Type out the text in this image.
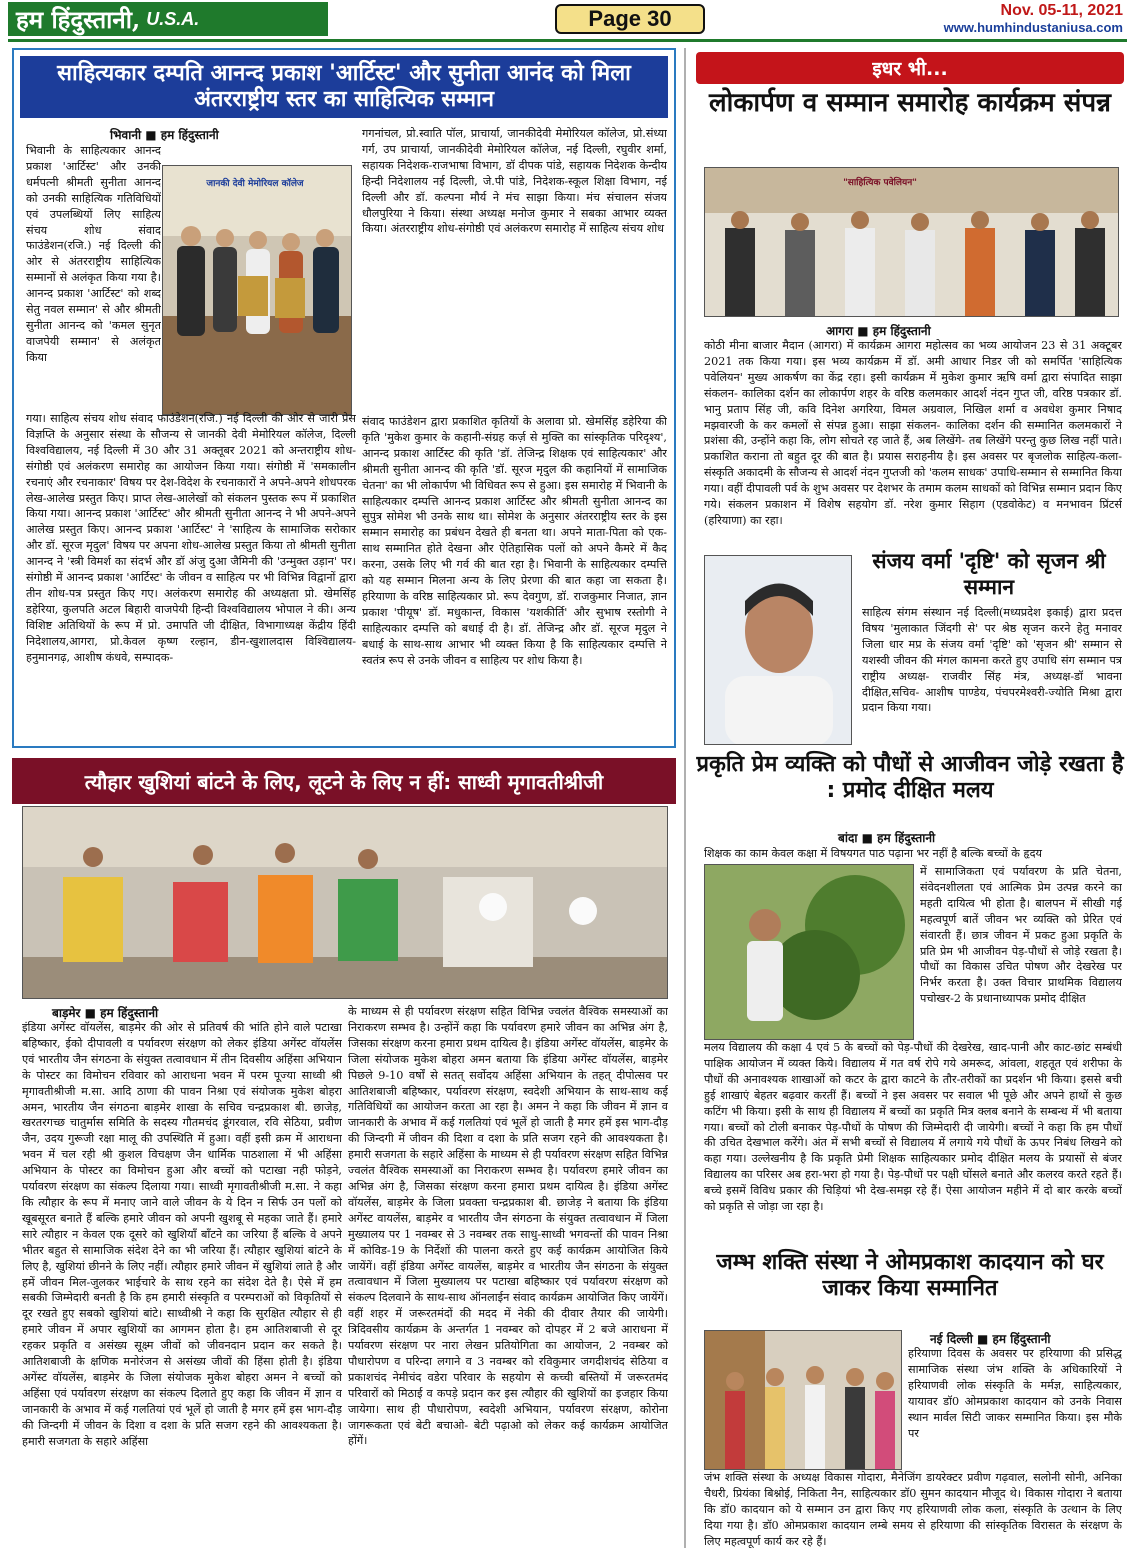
हम हिंदुस्तानी, U.S.A.	Page 30	Nov. 05-11, 2021
www.humhindustaniusa.com
साहित्यकार दम्पति आनन्द प्रकाश 'आर्टिस्ट' और सुनीता आनंद को मिला अंतरराष्ट्रीय स्तर का साहित्यिक सम्मान
भिवानी ■ हम हिंदुस्तानी
भिवानी के साहित्यकार आनन्द प्रकाश 'आर्टिस्ट' और उनकी धर्मपत्नी श्रीमती सुनीता आनन्द को उनकी साहित्यिक गतिविधियों एवं उपलब्धियों लिए साहित्य संचय शोध संवाद फाउंडेशन(रजि.) नई दिल्ली की ओर से अंतरराष्ट्रीय साहित्यिक सम्मानों से अलंकृत किया गया है। आनन्द प्रकाश 'आर्टिस्ट' को शब्द सेतु नवल सम्मान' से और श्रीमती सुनीता आनन्द को 'कमल सुनृत वाजपेयी सम्मान' से अलंकृत किया
जानकी देवी मेमोरियल कॉलेज
गया। साहित्य संचय शोध संवाद फाउंडेशन(रजि.) नई दिल्ली की ओर से जारी प्रेस विज्ञप्ति के अनुसार संस्था के सौजन्य से जानकी देवी मेमोरियल कॉलेज, दिल्ली विश्वविद्यालय, नई दिल्ली में 30 और 31 अक्तूबर 2021 को अन्तराष्ट्रीय शोध-संगोष्ठी एवं अलंकरण समारोह का आयोजन किया गया। संगोष्ठी में 'समकालीन रचनाएं और रचनाकार' विषय पर देश-विदेश के रचनाकारों ने अपने-अपने शोधपरक लेख-आलेख प्रस्तुत किए। प्राप्त लेख-आलेखों को संकलन पुस्तक रूप में प्रकाशित किया गया। आनन्द प्रकाश 'आर्टिस्ट' और श्रीमती सुनीता आनन्द ने भी अपने-अपने आलेख प्रस्तुत किए। आनन्द प्रकाश 'आर्टिस्ट' ने 'साहित्य के सामाजिक सरोकार और डॉ. सूरज मृदुल' विषय पर अपना शोध-आलेख प्रस्तुत किया तो श्रीमती सुनीता आनन्द ने 'स्त्री विमर्श का संदर्भ और डॉ अंजु दुआ जैमिनी की 'उन्मुक्त उड़ान' पर। संगोष्ठी में आनन्द प्रकाश 'आर्टिस्ट' के जीवन व साहित्य पर भी विभिन्न विद्वानों द्वारा तीन शोध-पत्र प्रस्तुत किए गए। अलंकरण समारोह की अध्यक्षता प्रो. खेमसिंह डहेरिया, कुलपति अटल बिहारी वाजपेयी हिन्दी विश्वविद्यालय भोपाल ने की। अन्य विशिष्ट अतिथियों के रूप में प्रो. उमापति जी दीक्षित, विभागाध्यक्ष केंद्रीय हिंदी निदेशालय,आगरा, प्रो.केवल कृष्ण रल्हान, डीन-खुशालदास विश्विद्यालय-हनुमानगढ़, आशीष कंधवे, सम्पादक-
गगनांचल, प्रो.स्वाति पॉल, प्राचार्या, जानकीदेवी मेमोरियल कॉलेज, प्रो.संध्या गर्ग, उप प्राचार्या, जानकीदेवी मेमोरियल कॉलेज, नई दिल्ली, रघुवीर शर्मा, सहायक निदेशक-राजभाषा विभाग, डॉ दीपक पांडे, सहायक निदेशक केन्दीय हिन्दी निदेशालय नई दिल्ली, जे.पी पांडे, निदेशक-स्कूल शिक्षा विभाग, नई दिल्ली और डॉ. कल्पना मौर्य ने मंच साझा किया। मंच संचालन संजय धौलपुरिया ने किया। संस्था अध्यक्ष मनोज कुमार ने सबका आभार व्यक्त किया। अंतरराष्ट्रीय शोध-संगोष्ठी एवं अलंकरण समारोह में साहित्य संचय शोध
संवाद फाउंडेशन द्वारा प्रकाशित कृतियों के अलावा प्रो. खेमसिंह डहेरिया की कृति 'मुकेश कुमार के कहानी-संग्रह कर्ज़ से मुक्ति का सांस्कृतिक परिदृश्य', आनन्द प्रकाश आर्टिस्ट की कृति 'डॉ. तेजिन्द्र शिक्षक एवं साहित्यकार' और श्रीमती सुनीता आनन्द की कृति 'डॉ. सूरज मृदुल की कहानियों में सामाजिक चेतना' का भी लोकार्पण भी विधिवत रूप से हुआ। इस समारोह में भिवानी के साहित्यकार दम्पत्ति आनन्द प्रकाश आर्टिस्ट और श्रीमती सुनीता आनन्द का सुपुत्र सोमेश भी उनके साथ था। सोमेश के अनुसार अंतरराष्ट्रीय स्तर के इस सम्मान समारोह का प्रबंधन देखते ही बनता था। अपने माता-पिता को एक-साथ सम्मानित होते देखना और ऐतिहासिक पलों को अपने कैमरे में कैद करना, उसके लिए भी गर्व की बात रहा है। भिवानी के साहित्यकार दम्पत्ति को यह सम्मान मिलना अन्य के लिए प्रेरणा की बात कहा जा सकता है। हरियाणा के वरिष्ठ साहित्यकार प्रो. रूप देवगुण, डॉ. राजकुमार निजात, ज्ञान प्रकाश 'पीयूष' डॉ. मधुकान्त, विकास 'यशकीर्ति' और सुभाष रस्तोगी ने साहित्यकार दम्पत्ति को बधाई दी है। डॉ. तेजिन्द्र और डॉ. सूरज मृदुल ने बधाई के साथ-साथ आभार भी व्यक्त किया है कि साहित्यकार दम्पत्ति ने स्वतंत्र रूप से उनके जीवन व साहित्य पर शोध किया है।
त्यौहार खुशियां बांटने के लिए, लूटने के लिए न हीं: साध्वी मृगावतीश्रीजी
बाड़मेर ■ हम हिंदुस्तानी
इंडिया अगेंस्ट वॉयलेंस, बाड़मेर की ओर से प्रतिवर्ष की भांति होने वाले पटाखा बहिष्कार, ईको दीपावली व पर्यावरण संरक्षण को लेकर इंडिया अगेंस्ट वॉयलेंस एवं भारतीय जैन संगठना के संयुक्त तत्वावधान में तीन दिवसीय अहिंसा अभियान के पोस्टर का विमोचन रविवार को आराधना भवन में परम पूज्या साध्वी श्री मृगावतीश्रीजी म.सा. आदि ठाणा की पावन निश्रा एवं संयोजक मुकेश बोहरा अमन, भारतीय जैन संगठना बाड़मेर शाखा के सचिव चन्द्रप्रकाश बी. छाजेड़, खरतरगच्छ चातुर्मास समिति के सदस्य गौतमचंद डूंगरवाल, रवि सेठिया, प्रवीण जैन, उदय गुरूजी रक्षा मालू की उपस्थिति में हुआ। वहीं इसी क्रम में आराधना भवन में चल रही श्री कुशल विचक्षण जैन धार्मिक पाठशाला में भी अहिंसा अभियान के पोस्टर का विमोचन हुआ और बच्चों को पटाखा नही फोड़ने, पर्यावरण संरक्षण का संकल्प दिलाया गया। साध्वी मृगावतीश्रीजी म.सा. ने कहा कि त्यौहार के रूप में मनाए जाने वाले जीवन के ये दिन न सिर्फ उन पलों को खूबसूरत बनाते हैं बल्कि हमारे जीवन को अपनी खुशबू से महका जाते हैं। हमारे सारे त्यौहार न केवल एक दूसरे को खुशियाँ बाँटने का जरिया हैं बल्कि वे अपने भीतर बहुत से सामाजिक संदेश देने का भी जरिया हैं। त्यौहार खुशियां बांटने के लिए है, खुशियां छीनने के लिए नहीं। त्यौहार हमारे जीवन में खुशियां लाते है और हमें जीवन मिल-जुलकर भाईचारे के साथ रहने का संदेश देते है। ऐसे में हम सबकी जिम्मेदारी बनती है कि हम हमारी संस्कृति व परम्पराओं को विकृतियों से दूर रखते हुए सबको खुशियां बांटे। साध्वीश्री ने कहा कि सुरक्षित त्यौहार से ही हमारे जीवन में अपार खुशियों का आगमन होता है। हम आतिशबाजी से दूर रहकर प्रकृति व असंख्य सूक्ष्म जीवों को जीवनदान प्रदान कर सकते है। आतिशबाजी के क्षणिक मनोरंजन से असंख्य जीवों की हिंसा होती है। इंडिया अगेंस्ट वॉयलेंस, बाड़मेर के जिला संयोजक मुकेश बोहरा अमन ने बच्चों को अहिंसा एवं पर्यावरण संरक्षण का संकल्प दिलाते हुए कहा कि जीवन में ज्ञान व जानकारी के अभाव में कई गलतियां एवं भूलें हो जाती है मगर हमें इस भाग-दौड़ की जिन्दगी में जीवन के दिशा व दशा के प्रति सजग रहने की आवश्यकता है। हमारी सजगता के सहारे अहिंसा
के माध्यम से ही पर्यावरण संरक्षण सहित विभिन्न ज्वलंत वैश्विक समस्याओं का निराकरण सम्भव है। उन्होंनें कहा कि पर्यावरण हमारे जीवन का अभिन्न अंग है, जिसका संरक्षण करना हमारा प्रथम दायित्व है। इंडिया अगेंस्ट वॉयलेंस, बाड़मेर के जिला संयोजक मुकेश बोहरा अमन बताया कि इंडिया अगेंस्ट वॉयलेंस, बाड़मेर पिछले 9-10 वर्षों से सतत् सर्वोदय अहिंसा अभियान के तहत् दीपोत्सव पर आतिशबाजी बहिष्कार, पर्यावरण संरक्षण, स्वदेशी अभियान के साथ-साथ कई गतिविधियों का आयोजन करता आ रहा है। अमन ने कहा कि जीवन में ज्ञान व जानकारी के अभाव में कई गलतियां एवं भूलें हो जाती है मगर हमें इस भाग-दौड़ की जिन्दगी में जीवन की दिशा व दशा के प्रति सजग रहने की आवश्यकता है। हमारी सजगता के सहारे अहिंसा के माध्यम से ही पर्यावरण संरक्षण सहित विभिन्न ज्वलंत वैश्विक समस्याओं का निराकरण सम्भव है। पर्यावरण हमारे जीवन का अभिन्न अंग है, जिसका संरक्षण करना हमारा प्रथम दायित्व है। इंडिया अगेंस्ट वॉयलेंस, बाड़मेर के जिला प्रवक्ता चन्द्रप्रकाश बी. छाजेड़ ने बताया कि इंडिया अगेंस्ट वायलेंस, बाड़मेर व भारतीय जैन संगठना के संयुक्त तत्वावधान में जिला मुख्यालय पर 1 नवम्बर से 3 नवम्बर तक साधु-साध्वी भगवन्तों की पावन निश्रा में कोविड-19 के निर्देशों की पालना करते हुए कई कार्यक्रम आयोजित किये जायेंगें। वहीं इंडिया अगेंस्ट वायलेंस, बाड़मेर व भारतीय जैन संगठना के संयुक्त तत्वावधान में जिला मुख्यालय पर पटाखा बहिष्कार एवं पर्यावरण संरक्षण को संकल्प दिलवाने के साथ-साथ ऑनलाईन संवाद कार्यक्रम आयोजित किए जायेंगें। वहीं शहर में जरूरतमंदों की मदद में नेकी की दीवार तैयार की जायेगी। त्रिदिवसीय कार्यक्रम के अन्तर्गत 1 नवम्बर को दोपहर में 2 बजे आराधना में पर्यावरण संरक्षण पर नारा लेखन प्रतियोगिता का आयोजन, 2 नवम्बर को पौधारोपण व परिन्दा लगाने व 3 नवम्बर को रविकुमार जगदीशचंद सेठिया व प्रकाशचंद नेमीचंद वडेरा परिवार के सहयोग से कच्ची बस्तियों में जरूरतमंद परिवारों को मिठाई व कपड़े प्रदान कर इस त्यौहार की खुशियों का इजहार किया जायेगा। साथ ही पौधारोपण, स्वदेशी अभियान, पर्यावरण संरक्षण, कोरोना जागरूकता एवं बेटी बचाओ- बेटी पढ़ाओ को लेकर कई कार्यक्रम आयोजित होंगें।
इधर भी...
लोकार्पण व सम्मान समारोह कार्यक्रम संपन्न
"साहित्यिक पवेलियन"
आगरा ■ हम हिंदुस्तानी
कोठी मीना बाजार मैदान (आगरा) में कार्यक्रम आगरा महोत्सव का भव्य आयोजन 23 से 31 अक्टूबर 2021 तक किया गया। इस भव्य कार्यक्रम में डॉ. अमी आधार निडर जी को समर्पित 'साहित्यिक पवेलियन' मुख्य आकर्षण का केंद्र रहा। इसी कार्यक्रम में मुकेश कुमार ऋषि वर्मा द्वारा संपादित साझा संकलन- कालिका दर्शन का लोकार्पण शहर के वरिष्ठ कलमकार आदर्श नंदन गुप्त जी, वरिष्ठ पत्रकार डॉ. भानु प्रताप सिंह जी, कवि दिनेश अगरिया, विमल अग्रवाल, निखिल शर्मा व अवधेश कुमार निषाद मझवारजी के कर कमलों से संपन्न हुआ। साझा संकलन- कालिका दर्शन की सम्मानित कलमकारों ने प्रशंसा की, उन्होंने कहा कि, लोग सोचते रह जाते हैं, अब लिखेंगे- तब लिखेंगे परन्तु कुछ लिख नहीं पाते। प्रकाशित कराना तो बहुत दूर की बात है। प्रयास सराहनीय है। इस अवसर पर बृजलोक साहित्य-कला- संस्कृति अकादमी के सौजन्य से आदर्श नंदन गुप्तजी को 'कलम साधक' उपाधि-सम्मान से सम्मानित किया गया। वहीं दीपावली पर्व के शुभ अवसर पर देशभर के तमाम कलम साधकों को विभिन्न सम्मान प्रदान किए गये। संकलन प्रकाशन में विशेष सहयोग डॉ. नरेश कुमार सिहाग (एडवोकेट) व मनभावन प्रिंटर्स (हरियाणा) का रहा।
संजय वर्मा 'दृष्टि' को सृजन श्री सम्मान
साहित्य संगम संस्थान नई दिल्ली(मध्यप्रदेश इकाई) द्वारा प्रदत्त विषय 'मुलाकात जिंदगी से' पर श्रेष्ठ सृजन करने हेतु मनावर जिला धार मप्र के संजय वर्मा 'दृष्टि' को 'सृजन श्री' सम्मान से यशस्वी जीवन की मंगल कामना करते हुए उपाधि संग सम्मान पत्र राष्ट्रीय अध्यक्ष- राजवीर सिंह मंत्र, अध्यक्ष-डॉ भावना दीक्षित,सचिव- आशीष पाण्डेय, पंचपरमेश्वरी-ज्योति मिश्रा द्वारा प्रदान किया गया।
प्रकृति प्रेम व्यक्ति को पौधों से आजीवन जोड़े रखता है : प्रमोद दीक्षित मलय
बांदा ■ हम हिंदुस्तानी
शिक्षक का काम केवल कक्षा में विषयगत पाठ पढ़ाना भर नहीं है बल्कि बच्चों के हृदय
में सामाजिकता एवं पर्यावरण के प्रति चेतना, संवेदनशीलता एवं आत्मिक प्रेम उत्पन्न करने का महती दायित्व भी होता है। बालपन में सीखी गई महत्वपूर्ण बातें जीवन भर व्यक्ति को प्रेरित एवं संवारती हैं। छात्र जीवन में प्रकट हुआ प्रकृति के प्रति प्रेम भी आजीवन पेड़-पौधों से जोड़े रखता है। पौधों का विकास उचित पोषण और देखरेख पर निर्भर करता है। उक्त विचार प्राथमिक विद्यालय पचोखर-2 के प्रधानाध्यापक प्रमोद दीक्षित
मलय विद्यालय की कक्षा 4 एवं 5 के बच्चों को पेड़-पौधों की देखरेख, खाद-पानी और काट-छांट सम्बंधी पाक्षिक आयोजन में व्यक्त किये। विद्यालय में गत वर्ष रोपे गये अमरूद, आंवला, शहतूत एवं शरीफा के पौधों की अनावश्यक शाखाओं को कटर के द्वारा काटने के तौर-तरीकों का प्रदर्शन भी किया। इससे बची हुई शाखाएं बेहतर बढ़वार करतीं हैं। बच्चों ने इस अवसर पर सवाल भी पूछे और अपने हाथों से कुछ कटिंग भी किया। इसी के साथ ही विद्यालय में बच्चों का प्रकृति मित्र क्लब बनाने के सम्बन्ध में भी बताया गया। बच्चों को टोली बनाकर पेड़-पौधों के पोषण की जिम्मेदारी दी जायेगी। बच्चों ने कहा कि हम पौधों की उचित देखभाल करेंगे। अंत में सभी बच्चों से विद्यालय में लगाये गये पौधों के ऊपर निबंध लिखने को कहा गया। उल्लेखनीय है कि प्रकृति प्रेमी शिक्षक साहित्यकार प्रमोद दीक्षित मलय के प्रयासों से बंजर विद्यालय का परिसर अब हरा-भरा हो गया है। पेड़-पौधों पर पक्षी घोंसले बनाते और कलरव करते रहते हैं। बच्चे इसमें विविध प्रकार की चिड़ियां भी देख-समझ रहे हैं। ऐसा आयोजन महीने में दो बार करके बच्चों को प्रकृति से जोड़ा जा रहा है।
जम्भ शक्ति संस्था ने ओमप्रकाश कादयान को घर जाकर किया सम्मानित
नई दिल्ली ■ हम हिंदुस्तानी
हरियाणा दिवस के अवसर पर हरियाणा की प्रसिद्ध सामाजिक संस्था जंभ शक्ति के अधिकारियों ने हरियाणवी लोक संस्कृति के मर्मज्ञ, साहित्यकार, यायावर डॉ0 ओमप्रकाश कादयान को उनके निवास स्थान मार्वल सिटी जाकर सम्मानित किया। इस मौके पर
जंभ शक्ति संस्था के अध्यक्ष विकास गोदारा, मैनेजिंग डायरेक्टर प्रवीण गढ़वाल, सलोनी सोनी, अनिका चैधरी, प्रियंका बिश्नोई, निकिता नैन, साहित्यकार डॉ0 सुमन कादयान मौजूद थे। विकास गोदारा ने बताया कि डॉ0 कादयान को ये सम्मान उन द्वारा किए गए हरियाणवी लोक कला, संस्कृति के उत्थान के लिए दिया गया है। डॉ0 ओमप्रकाश कादयान लम्बे समय से हरियाणा की सांस्कृतिक विरासत के संरक्षण के लिए महत्वपूर्ण कार्य कर रहे हैं।
